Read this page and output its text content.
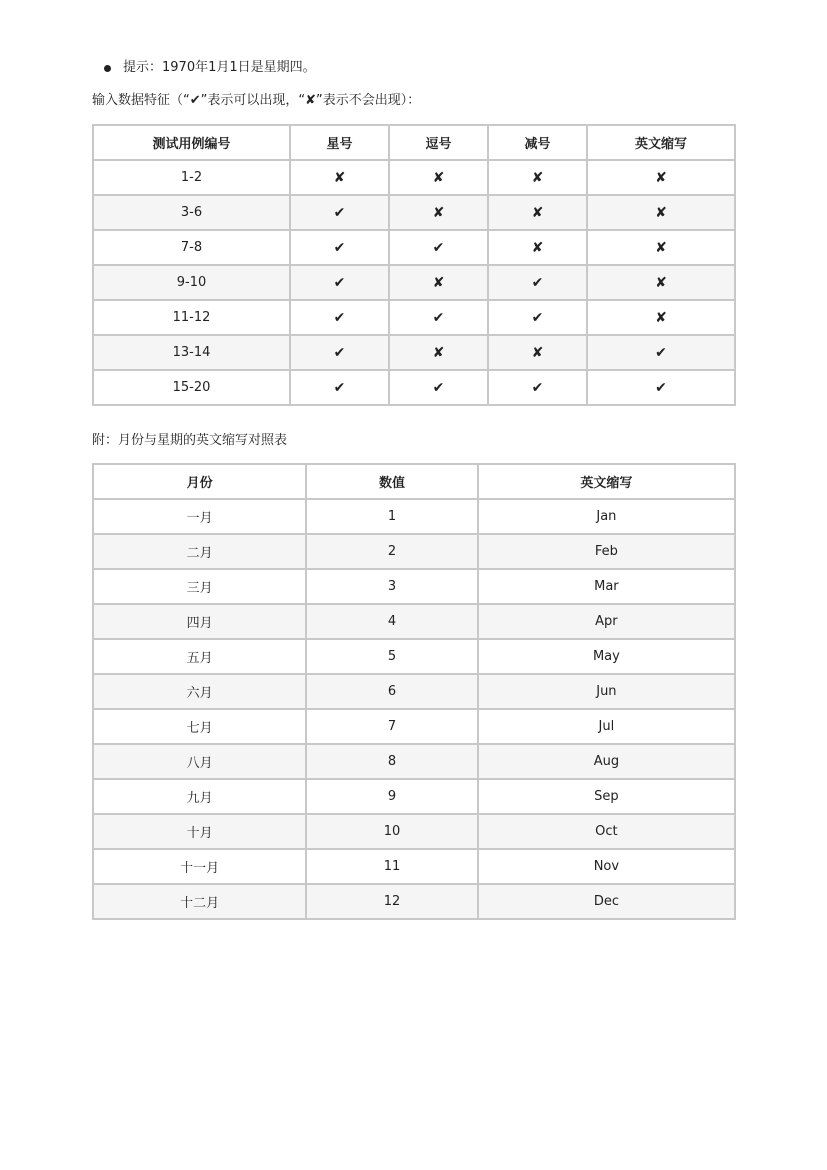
提示：1970年1月1日是星期四。
输入数据特征（“✔”表示可以出现，“✘”表示不会出现）：
测试用例编号	星号	逗号	减号	英文缩写
1-2	✘	✘	✘	✘
3-6	✔	✘	✘	✘
7-8	✔	✔	✘	✘
9-10	✔	✘	✔	✘
11-12	✔	✔	✔	✘
13-14	✔	✘	✘	✔
15-20	✔	✔	✔	✔
附：月份与星期的英文缩写对照表
月份	数值	英文缩写
一月	1	Jan
二月	2	Feb
三月	3	Mar
四月	4	Apr
五月	5	May
六月	6	Jun
七月	7	Jul
八月	8	Aug
九月	9	Sep
十月	10	Oct
十一月	11	Nov
十二月	12	Dec
